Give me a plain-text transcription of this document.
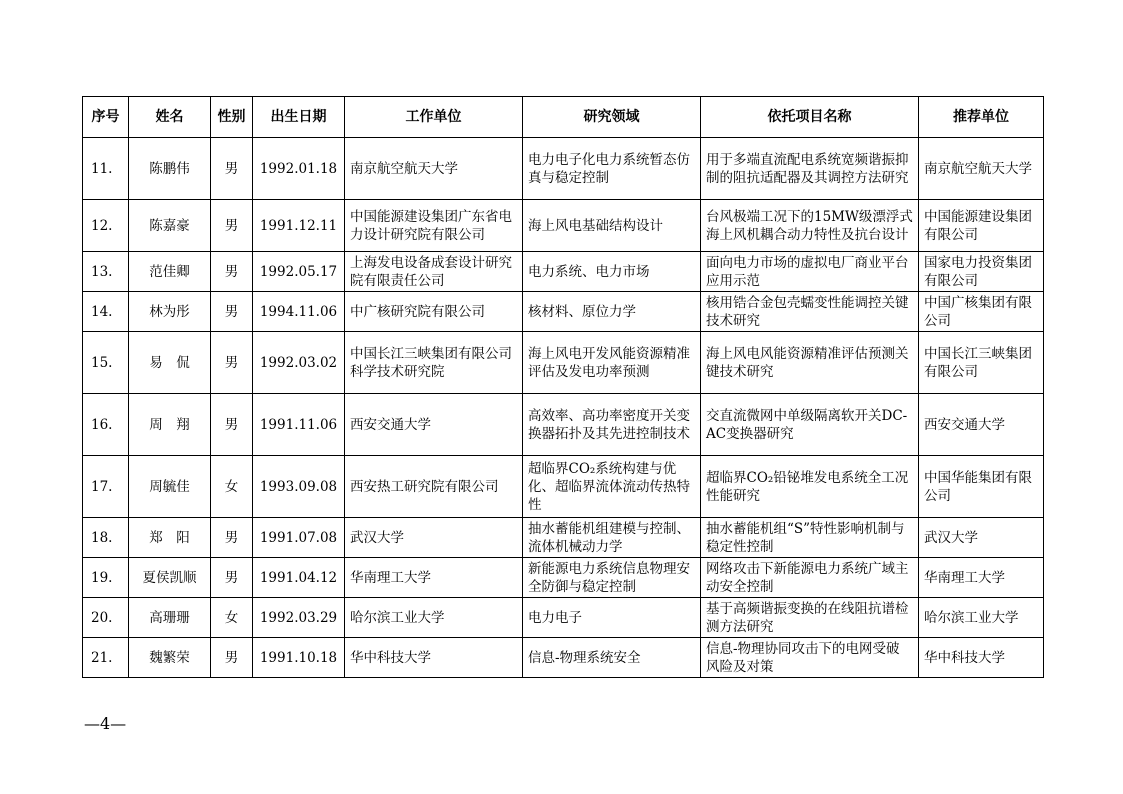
序号	姓名	性别	出生日期	工作单位	研究领域	依托项目名称	推荐单位
11.	陈鹏伟	男	1992.01.18	南京航空航天大学	电力电子化电力系统暂态仿真与稳定控制	用于多端直流配电系统宽频谐振抑制的阻抗适配器及其调控方法研究	南京航空航天大学
12.	陈嘉豪	男	1991.12.11	中国能源建设集团广东省电力设计研究院有限公司	海上风电基础结构设计	台风极端工况下的15MW级漂浮式海上风机耦合动力特性及抗台设计	中国能源建设集团有限公司
13.	范佳卿	男	1992.05.17	上海发电设备成套设计研究院有限责任公司	电力系统、电力市场	面向电力市场的虚拟电厂商业平台应用示范	国家电力投资集团有限公司
14.	林为彤	男	1994.11.06	中广核研究院有限公司	核材料、原位力学	核用锆合金包壳蠕变性能调控关键技术研究	中国广核集团有限公司
15.	易　侃	男	1992.03.02	中国长江三峡集团有限公司科学技术研究院	海上风电开发风能资源精准评估及发电功率预测	海上风电风能资源精准评估预测关键技术研究	中国长江三峡集团有限公司
16.	周　翔	男	1991.11.06	西安交通大学	高效率、高功率密度开关变换器拓扑及其先进控制技术	交直流微网中单级隔离软开关DC-AC变换器研究	西安交通大学
17.	周毓佳	女	1993.09.08	西安热工研究院有限公司	超临界CO₂系统构建与优化、超临界流体流动传热特性	超临界CO₂铅铋堆发电系统全工况性能研究	中国华能集团有限公司
18.	郑　阳	男	1991.07.08	武汉大学	抽水蓄能机组建模与控制、流体机械动力学	抽水蓄能机组“S”特性影响机制与稳定性控制	武汉大学
19.	夏侯凯顺	男	1991.04.12	华南理工大学	新能源电力系统信息物理安全防御与稳定控制	网络攻击下新能源电力系统广域主动安全控制	华南理工大学
20.	高珊珊	女	1992.03.29	哈尔滨工业大学	电力电子	基于高频谐振变换的在线阻抗谱检测方法研究	哈尔滨工业大学
21.	魏繁荣	男	1991.10.18	华中科技大学	信息-物理系统安全	信息-物理协同攻击下的电网受破风险及对策	华中科技大学
—4—
